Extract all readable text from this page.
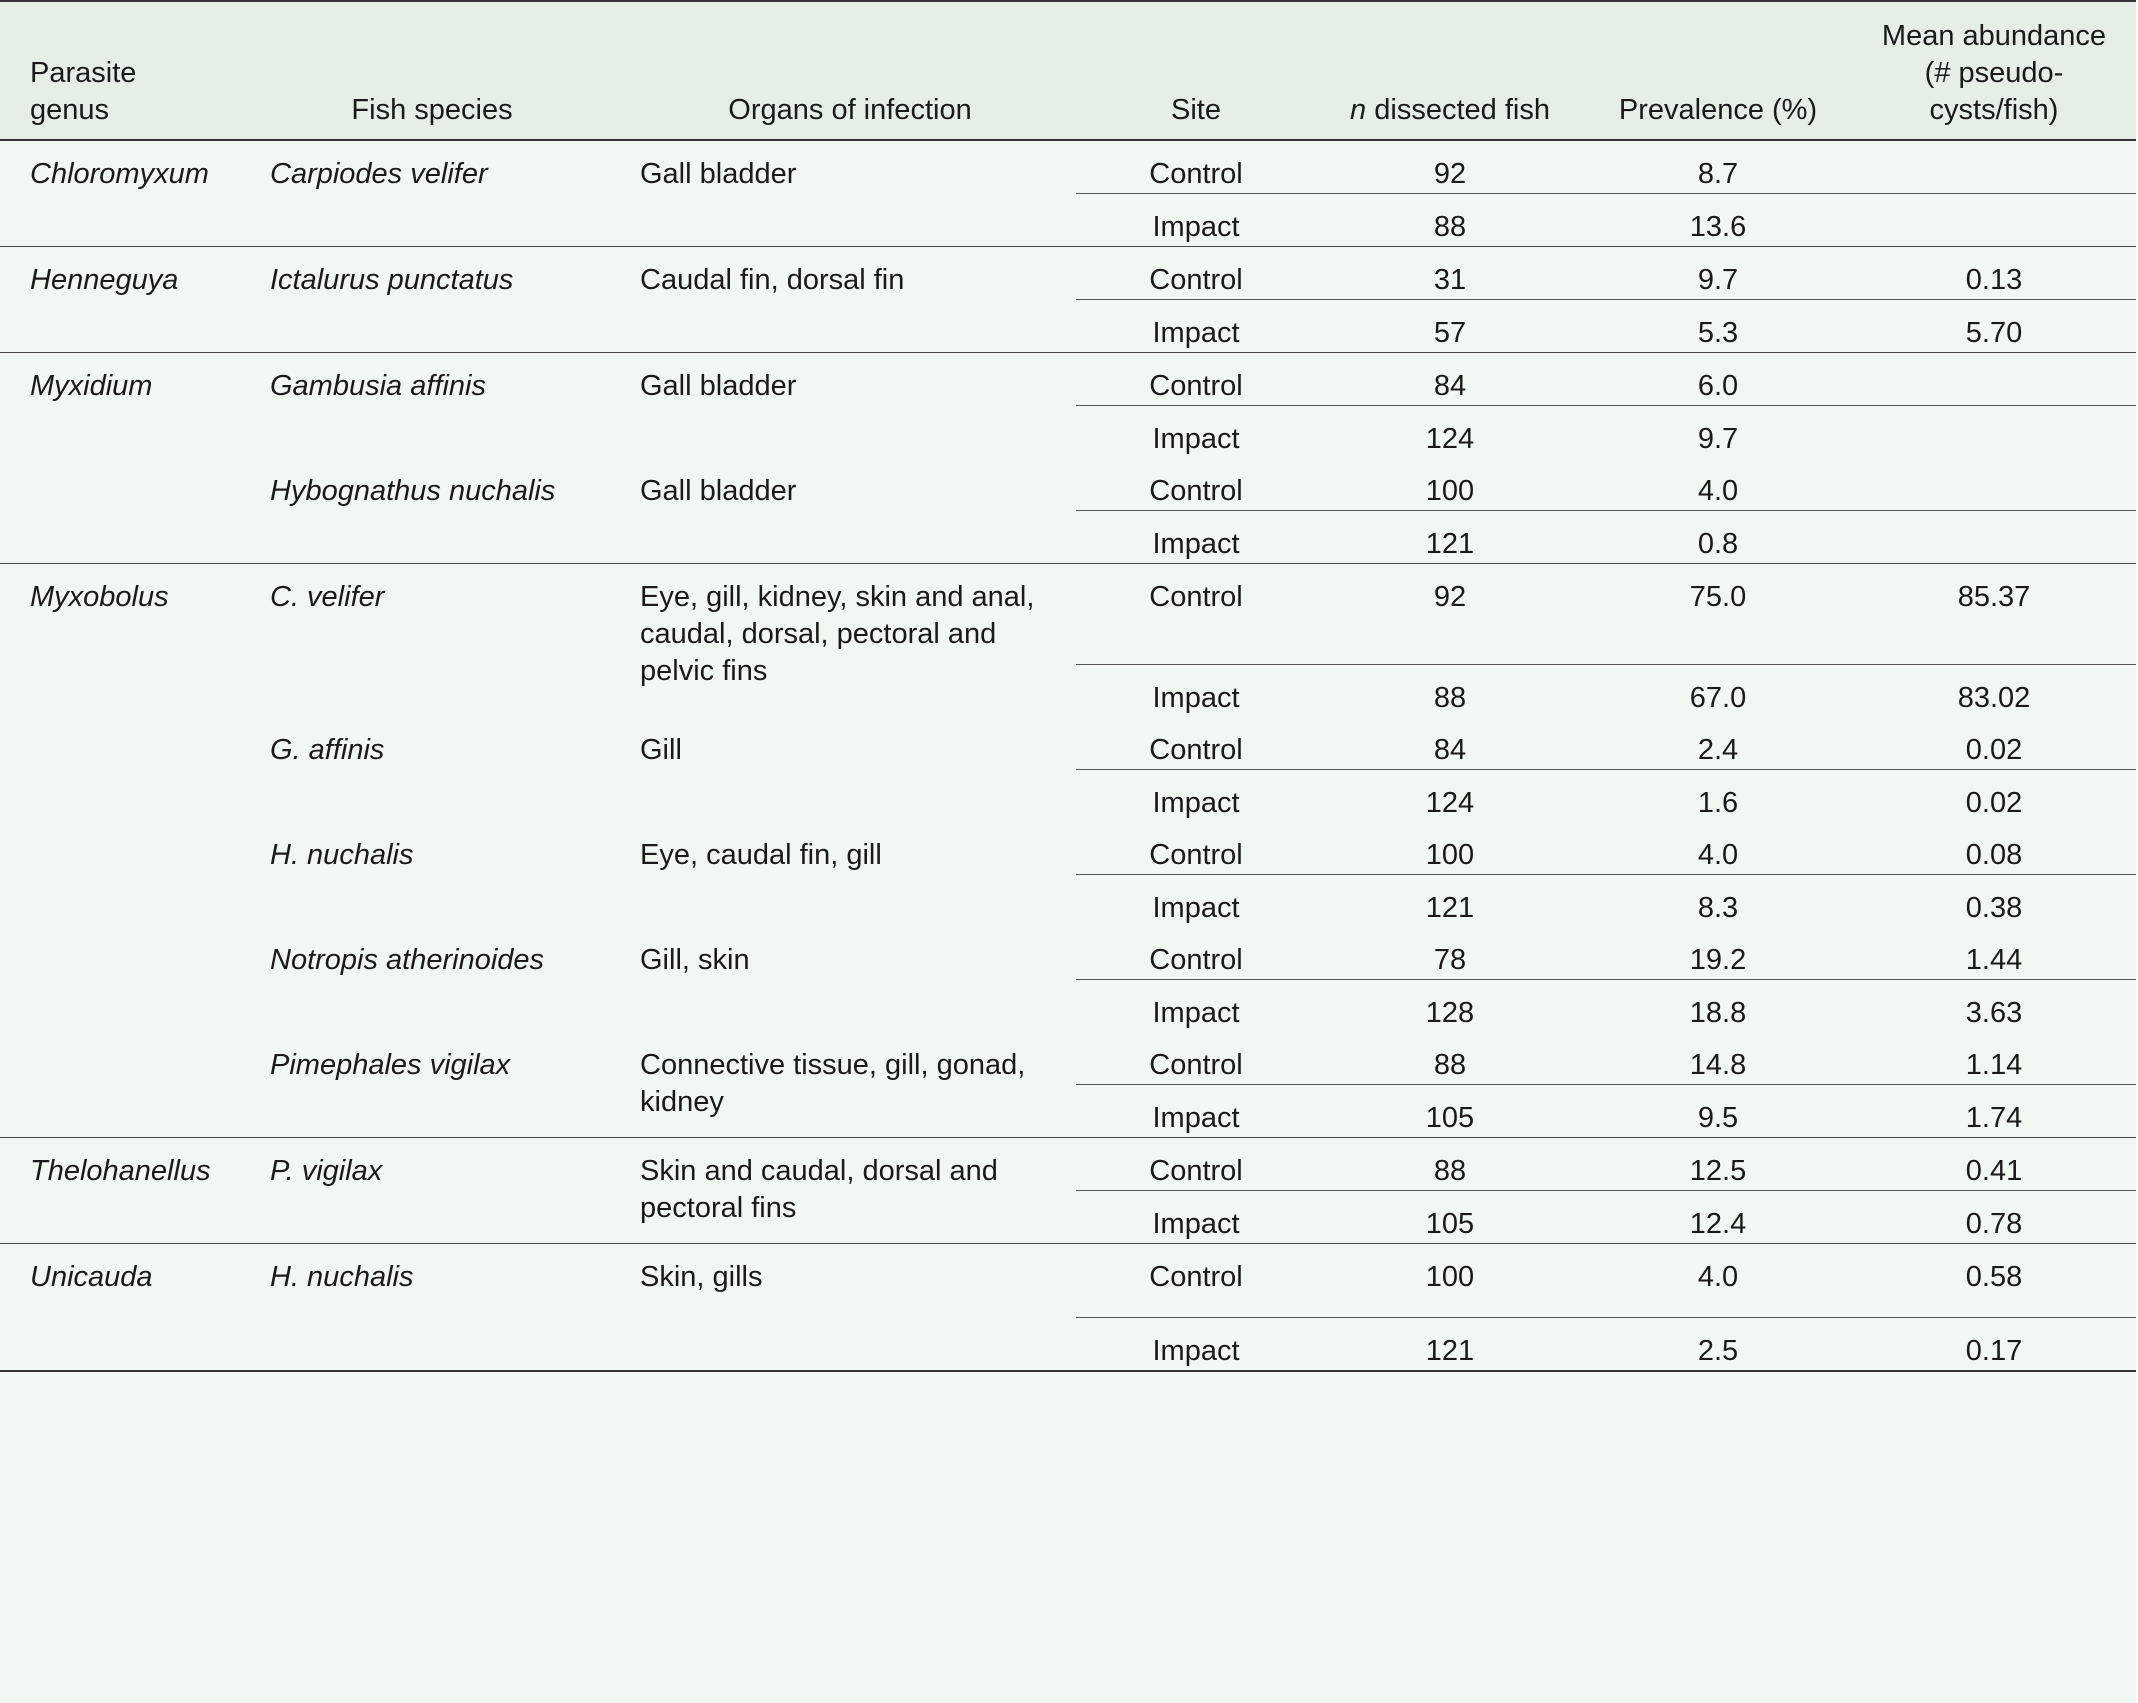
Parasite genus	Fish species	Organs of infection	Site	n dissected fish	Prevalence (%)	Mean abundance (# pseudo-cysts/fish)
Chloromyxum	Carpiodes velifer	Gall bladder	Control	92	8.7	
			Impact	88	13.6	
Henneguya	Ictalurus punctatus	Caudal fin, dorsal fin	Control	31	9.7	0.13
			Impact	57	5.3	5.70
Myxidium	Gambusia affinis	Gall bladder	Control	84	6.0	
			Impact	124	9.7	
	Hybognathus nuchalis	Gall bladder	Control	100	4.0	
			Impact	121	0.8	
Myxobolus	C. velifer	Eye, gill, kidney, skin and anal, caudal, dorsal, pectoral and pelvic fins	Control	92	75.0	85.37
			Impact	88	67.0	83.02
	G. affinis	Gill	Control	84	2.4	0.02
			Impact	124	1.6	0.02
	H. nuchalis	Eye, caudal fin, gill	Control	100	4.0	0.08
			Impact	121	8.3	0.38
	Notropis atherinoides	Gill, skin	Control	78	19.2	1.44
			Impact	128	18.8	3.63
	Pimephales vigilax	Connective tissue, gill, gonad, kidney	Control	88	14.8	1.14
			Impact	105	9.5	1.74
Thelohanellus	P. vigilax	Skin and caudal, dorsal and pectoral fins	Control	88	12.5	0.41
			Impact	105	12.4	0.78
Unicauda	H. nuchalis	Skin, gills	Control	100	4.0	0.58
			Impact	121	2.5	0.17
